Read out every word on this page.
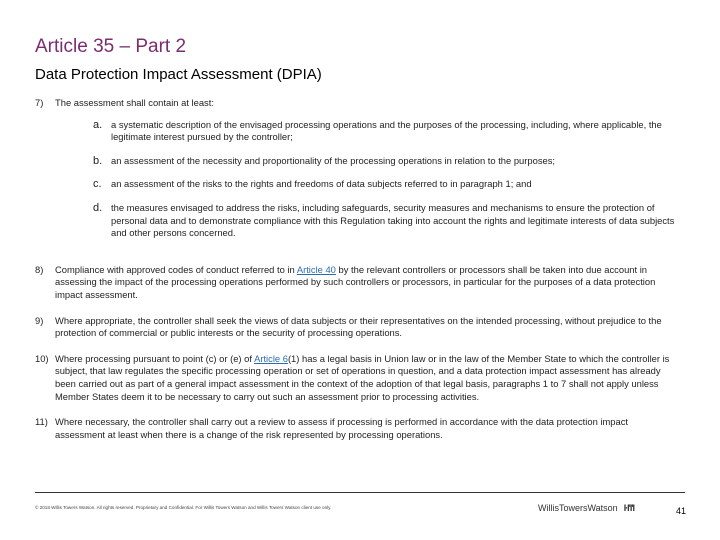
Article 35 – Part 2
Data Protection Impact Assessment (DPIA)
7)	The assessment shall contain at least:
a. a systematic description of the envisaged processing operations and the purposes of the processing, including, where applicable, the legitimate interest pursued by the controller;
b. an assessment of the necessity and proportionality of the processing operations in relation to the purposes;
c.	an assessment of the risks to the rights and freedoms of data subjects referred to in paragraph 1; and
d. the measures envisaged to address the risks, including safeguards, security measures and mechanisms to ensure the protection of personal data and to demonstrate compliance with this Regulation taking into account the rights and legitimate interests of data subjects and other persons concerned.
8)	Compliance with approved codes of conduct referred to in Article 40 by the relevant controllers or processors shall be taken into due account in assessing the impact of the processing operations performed by such controllers or processors, in particular for the purposes of a data protection impact assessment.
9)	Where appropriate, the controller shall seek the views of data subjects or their representatives on the intended processing, without prejudice to the protection of commercial or public interests or the security of processing operations.
10) Where processing pursuant to point (c) or (e) of Article 6(1) has a legal basis in Union law or in the law of the Member State to which the controller is subject, that law regulates the specific processing operation or set of operations in question, and a data protection impact assessment has already been carried out as part of a general impact assessment in the context of the adoption of that legal basis, paragraphs 1 to 7 shall not apply unless Member States deem it to be necessary to carry out such an assessment prior to processing activities.
11) Where necessary, the controller shall carry out a review to assess if processing is performed in accordance with the data protection impact assessment at least when there is a change of the risk represented by processing operations.
© 2018 Willis Towers Watson. All rights reserved. Proprietary and Confidential. For Willis Towers Watson and Willis Towers Watson client use only.	WillisTowersWatson I·I'I'I	41
